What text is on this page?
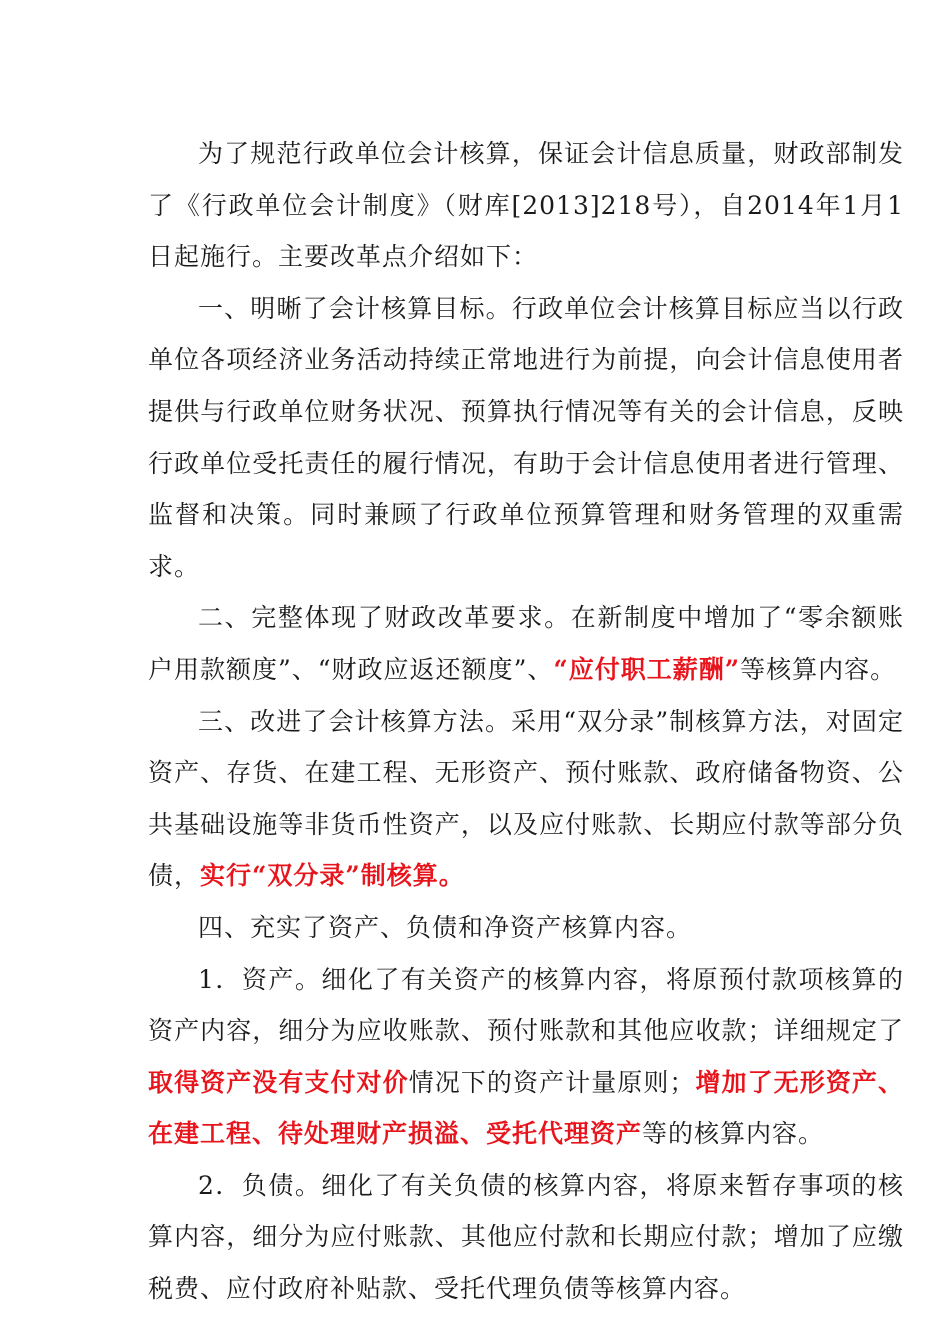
为了规范行政单位会计核算，保证会计信息质量，财政部制发了《行政单位会计制度》（财库[2013]218号），自2014年1月1日起施行。主要改革点介绍如下：

一、明晰了会计核算目标。行政单位会计核算目标应当以行政单位各项经济业务活动持续正常地进行为前提，向会计信息使用者提供与行政单位财务状况、预算执行情况等有关的会计信息，反映行政单位受托责任的履行情况，有助于会计信息使用者进行管理、监督和决策。同时兼顾了行政单位预算管理和财务管理的双重需求。

二、完整体现了财政改革要求。在新制度中增加了“零余额账户用款额度”、“财政应返还额度”、“应付职工薪酬”等核算内容。

三、改进了会计核算方法。采用“双分录”制核算方法，对固定资产、存货、在建工程、无形资产、预付账款、政府储备物资、公共基础设施等非货币性资产，以及应付账款、长期应付款等部分负债，实行“双分录”制核算。

四、充实了资产、负债和净资产核算内容。

1．资产。细化了有关资产的核算内容，将原预付款项核算的资产内容，细分为应收账款、预付账款和其他应收款；详细规定了取得资产没有支付对价情况下的资产计量原则；增加了无形资产、在建工程、待处理财产损溢、受托代理资产等的核算内容。

2．负债。细化了有关负债的核算内容，将原来暂存事项的核算内容，细分为应付账款、其他应付款和长期应付款；增加了应缴税费、应付政府补贴款、受托代理负债等核算内容。
